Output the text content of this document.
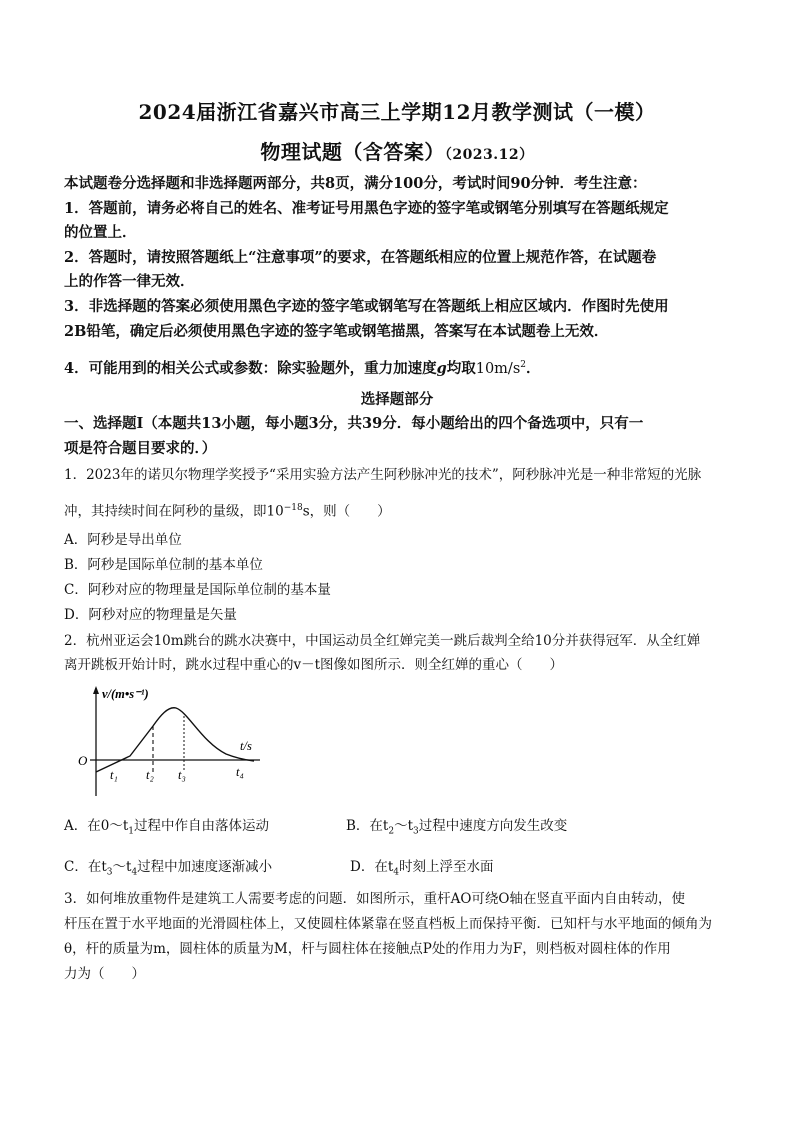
2024届浙江省嘉兴市高三上学期12月教学测试（一模）
物理试题（含答案）（2023.12）
本试题卷分选择题和非选择题两部分，共8页，满分100分，考试时间90分钟．考生注意：
1．答题前，请务必将自己的姓名、准考证号用黑色字迹的签字笔或钢笔分别填写在答题纸规定
的位置上．
2．答题时，请按照答题纸上“注意事项”的要求，在答题纸相应的位置上规范作答，在试题卷
上的作答一律无效．
3．非选择题的答案必须使用黑色字迹的签字笔或钢笔写在答题纸上相应区域内．作图时先使用
2B铅笔，确定后必须使用黑色字迹的签字笔或钢笔描黑，答案写在本试题卷上无效．
4．可能用到的相关公式或参数：除实验题外，重力加速度g均取$10m/s^2$．
选择题部分
一、选择题Ⅰ（本题共13小题，每小题3分，共39分．每小题给出的四个备选项中，只有一
项是符合题目要求的．）
1．2023年的诺贝尔物理学奖授予“采用实验方法产生阿秒脉冲光的技术”，阿秒脉冲光是一种非常短的光脉
冲，其持续时间在阿秒的量级，即$10^{-18}s$，则（　　）
A．阿秒是导出单位
B．阿秒是国际单位制的基本单位
C．阿秒对应的物理量是国际单位制的基本量
D．阿秒对应的物理量是矢量
2．杭州亚运会10m跳台的跳水决赛中，中国运动员全红婵完美一跳后裁判全给10分并获得冠军．从全红婵
离开跳板开始计时，跳水过程中重心的v－t图像如图所示．则全红婵的重心（　　）
v/(m•s⁻¹)
t/s
O
t₁ t₂ t₃	t₄
A．在$0\sim t_1$过程中作自由落体运动	B．在$t_2\sim t_3$过程中速度方向发生改变
C．在$t_3\sim t_4$过程中加速度逐渐减小	D．在$t_4$时刻上浮至水面
3．如何堆放重物件是建筑工人需要考虑的问题．如图所示，重杆AO可绕O轴在竖直平面内自由转动，使
杆压在置于水平地面的光滑圆柱体上，又使圆柱体紧靠在竖直档板上而保持平衡．已知杆与水平地面的倾角为
θ，杆的质量为m，圆柱体的质量为M，杆与圆柱体在接触点P处的作用力为F，则档板对圆柱体的作用
力为（　　）
